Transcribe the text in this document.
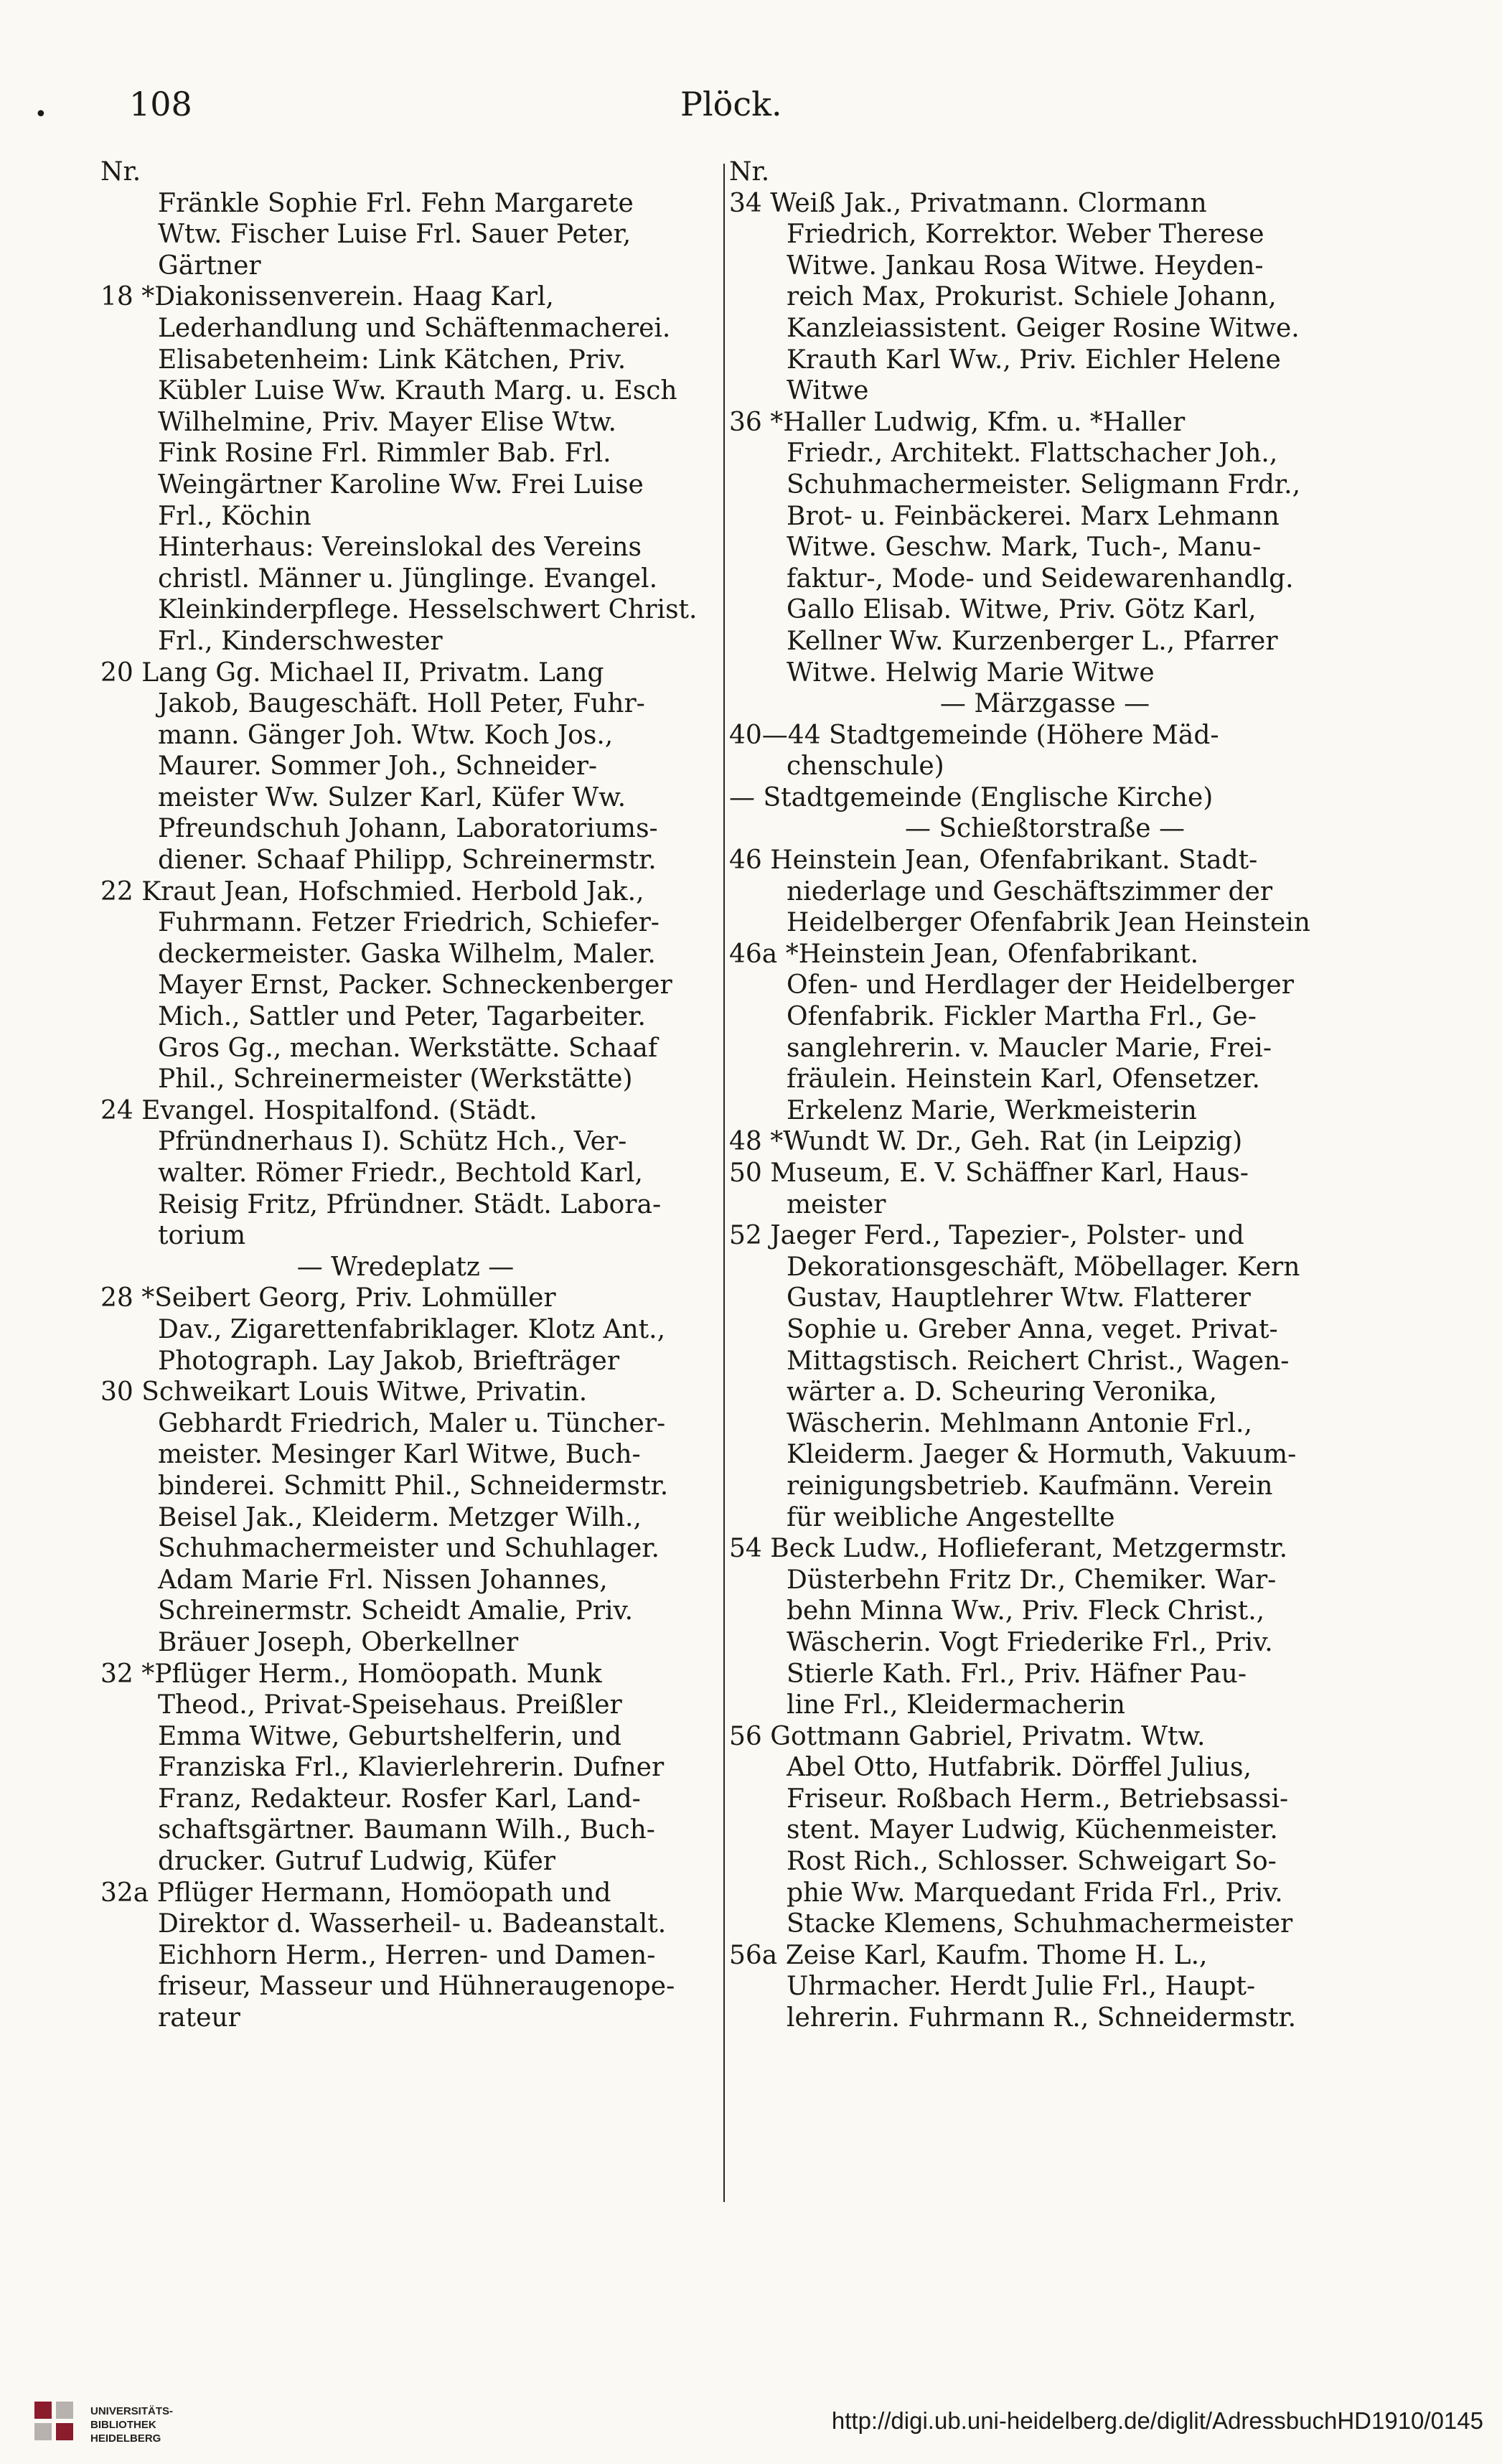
• 108	Plöck.
Nr.
Fränkle Sophie Frl. Fehn Margarete
Wtw. Fischer Luise Frl. Sauer Peter,
Gärtner
18 *Diakonissenverein. Haag Karl,
Lederhandlung und Schäftenmacherei.
Elisabetenheim: Link Kätchen, Priv.
Kübler Luise Ww. Krauth Marg. u. Esch
Wilhelmine, Priv. Mayer Elise Wtw.
Fink Rosine Frl. Rimmler Bab. Frl.
Weingärtner Karoline Ww. Frei Luise
Frl., Köchin
Hinterhaus: Vereinslokal des Vereins
christl. Männer u. Jünglinge. Evangel.
Kleinkinderpflege. Hesselschwert Christ.
Frl., Kinderschwester
20 Lang Gg. Michael II, Privatm. Lang
Jakob, Baugeschäft. Holl Peter, Fuhr-
mann. Gänger Joh. Wtw. Koch Jos.,
Maurer. Sommer Joh., Schneider-
meister Ww. Sulzer Karl, Küfer Ww.
Pfreundschuh Johann, Laboratoriums-
diener. Schaaf Philipp, Schreinermstr.
22 Kraut Jean, Hofschmied. Herbold Jak.,
Fuhrmann. Fetzer Friedrich, Schiefer-
deckermeister. Gaska Wilhelm, Maler.
Mayer Ernst, Packer. Schneckenberger
Mich., Sattler und Peter, Tagarbeiter.
Gros Gg., mechan. Werkstätte. Schaaf
Phil., Schreinermeister (Werkstätte)
24 Evangel. Hospitalfond. (Städt.
Pfründnerhaus I). Schütz Hch., Ver-
walter. Römer Friedr., Bechtold Karl,
Reisig Fritz, Pfründner. Städt. Labora-
torium
— Wredeplatz —
28 *Seibert Georg, Priv. Lohmüller
Dav., Zigarettenfabriklager. Klotz Ant.,
Photograph. Lay Jakob, Briefträger
30 Schweikart Louis Witwe, Privatin.
Gebhardt Friedrich, Maler u. Tüncher-
meister. Mesinger Karl Witwe, Buch-
binderei. Schmitt Phil., Schneidermstr.
Beisel Jak., Kleiderm. Metzger Wilh.,
Schuhmachermeister und Schuhlager.
Adam Marie Frl. Nissen Johannes,
Schreinermstr. Scheidt Amalie, Priv.
Bräuer Joseph, Oberkellner
32 *Pflüger Herm., Homöopath. Munk
Theod., Privat-Speisehaus. Preißler
Emma Witwe, Geburtshelferin, und
Franziska Frl., Klavierlehrerin. Dufner
Franz, Redakteur. Rosfer Karl, Land-
schaftsgärtner. Baumann Wilh., Buch-
drucker. Gutruf Ludwig, Küfer
32a Pflüger Hermann, Homöopath und
Direktor d. Wasserheil- u. Badeanstalt.
Eichhorn Herm., Herren- und Damen-
friseur, Masseur und Hühneraugenope-
rateur
Nr.
34 Weiß Jak., Privatmann. Clormann
Friedrich, Korrektor. Weber Therese
Witwe. Jankau Rosa Witwe. Heyden-
reich Max, Prokurist. Schiele Johann,
Kanzleiassistent. Geiger Rosine Witwe.
Krauth Karl Ww., Priv. Eichler Helene
Witwe
36 *Haller Ludwig, Kfm. u. *Haller
Friedr., Architekt. Flattschacher Joh.,
Schuhmachermeister. Seligmann Frdr.,
Brot- u. Feinbäckerei. Marx Lehmann
Witwe. Geschw. Mark, Tuch-, Manu-
faktur-, Mode- und Seidewarenhandlg.
Gallo Elisab. Witwe, Priv. Götz Karl,
Kellner Ww. Kurzenberger L., Pfarrer
Witwe. Helwig Marie Witwe
— Märzgasse —
40—44 Stadtgemeinde (Höhere Mäd-
chenschule)
— Stadtgemeinde (Englische Kirche)
— Schießtorstraße —
46 Heinstein Jean, Ofenfabrikant. Stadt-
niederlage und Geschäftszimmer der
Heidelberger Ofenfabrik Jean Heinstein
46a *Heinstein Jean, Ofenfabrikant.
Ofen- und Herdlager der Heidelberger
Ofenfabrik. Fickler Martha Frl., Ge-
sanglehrerin. v. Maucler Marie, Frei-
fräulein. Heinstein Karl, Ofensetzer.
Erkelenz Marie, Werkmeisterin
48 *Wundt W. Dr., Geh. Rat (in Leipzig)
50 Museum, E. V. Schäffner Karl, Haus-
meister
52 Jaeger Ferd., Tapezier-, Polster- und
Dekorationsgeschäft, Möbellager. Kern
Gustav, Hauptlehrer Wtw. Flatterer
Sophie u. Greber Anna, veget. Privat-
Mittagstisch. Reichert Christ., Wagen-
wärter a. D. Scheuring Veronika,
Wäscherin. Mehlmann Antonie Frl.,
Kleiderm. Jaeger & Hormuth, Vakuum-
reinigungsbetrieb. Kaufmänn. Verein
für weibliche Angestellte
54 Beck Ludw., Hoflieferant, Metzgermstr.
Düsterbehn Fritz Dr., Chemiker. War-
behn Minna Ww., Priv. Fleck Christ.,
Wäscherin. Vogt Friederike Frl., Priv.
Stierle Kath. Frl., Priv. Häfner Pau-
line Frl., Kleidermacherin
56 Gottmann Gabriel, Privatm. Wtw.
Abel Otto, Hutfabrik. Dörffel Julius,
Friseur. Roßbach Herm., Betriebsassi-
stent. Mayer Ludwig, Küchenmeister.
Rost Rich., Schlosser. Schweigart So-
phie Ww. Marquedant Frida Frl., Priv.
Stacke Klemens, Schuhmachermeister
56a Zeise Karl, Kaufm. Thome H. L.,
Uhrmacher. Herdt Julie Frl., Haupt-
lehrerin. Fuhrmann R., Schneidermstr.
UNIVERSITÄTS-
BIBLIOTHEK
HEIDELBERG
http://digi.ub.uni-heidelberg.de/diglit/AdressbuchHD1910/0145
